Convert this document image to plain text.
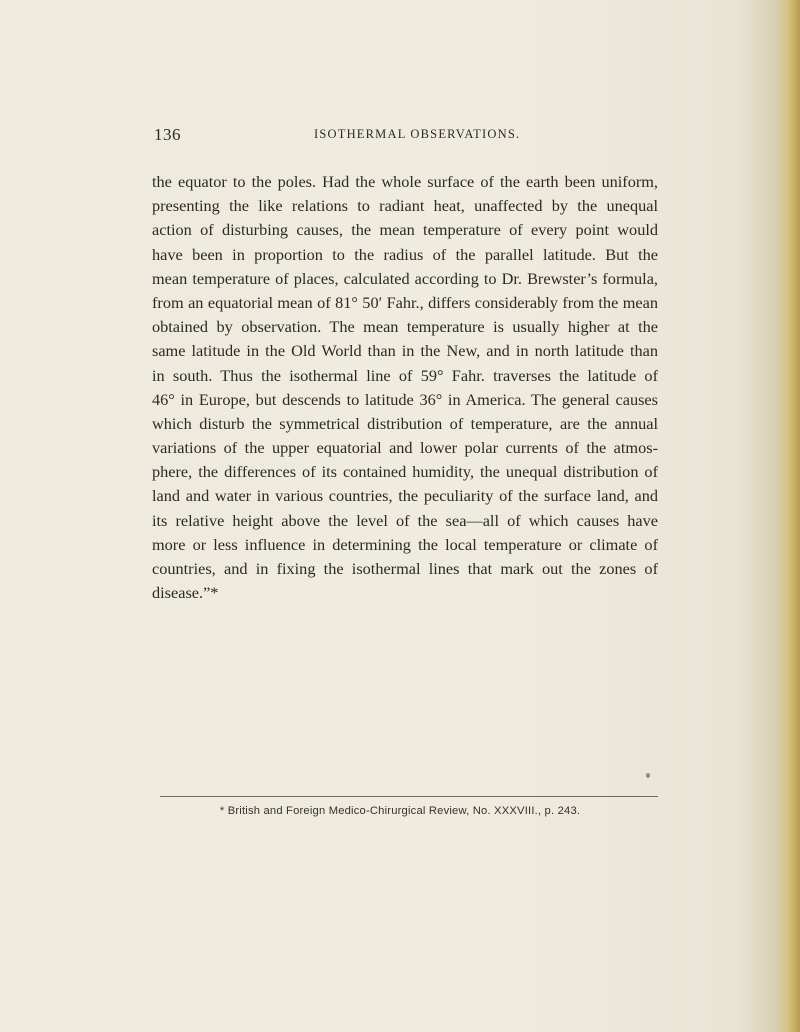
136	ISOTHERMAL OBSERVATIONS.
the equator to the poles. Had the whole surface of the earth been uniform,
presenting the like relations to radiant heat, unaffected by the unequal
action of disturbing causes, the mean temperature of every point would
have been in proportion to the radius of the parallel latitude. But the
mean temperature of places, calculated according to Dr. Brewster’s formula,
from an equatorial mean of 81° 50′ Fahr., differs considerably from the mean
obtained by observation. The mean temperature is usually higher at the
same latitude in the Old World than in the New, and in north latitude than
in south. Thus the isothermal line of 59° Fahr. traverses the latitude of
46° in Europe, but descends to latitude 36° in America. The general causes
which disturb the symmetrical distribution of temperature, are the annual
variations of the upper equatorial and lower polar currents of the atmos-
phere, the differences of its contained humidity, the unequal distribution of
land and water in various countries, the peculiarity of the surface land, and
its relative height above the level of the sea—all of which causes have
more or less influence in determining the local temperature or climate of
countries, and in fixing the isothermal lines that mark out the zones of
disease.”*
* British and Foreign Medico-Chirurgical Review, No. XXXVIII., p. 243.
